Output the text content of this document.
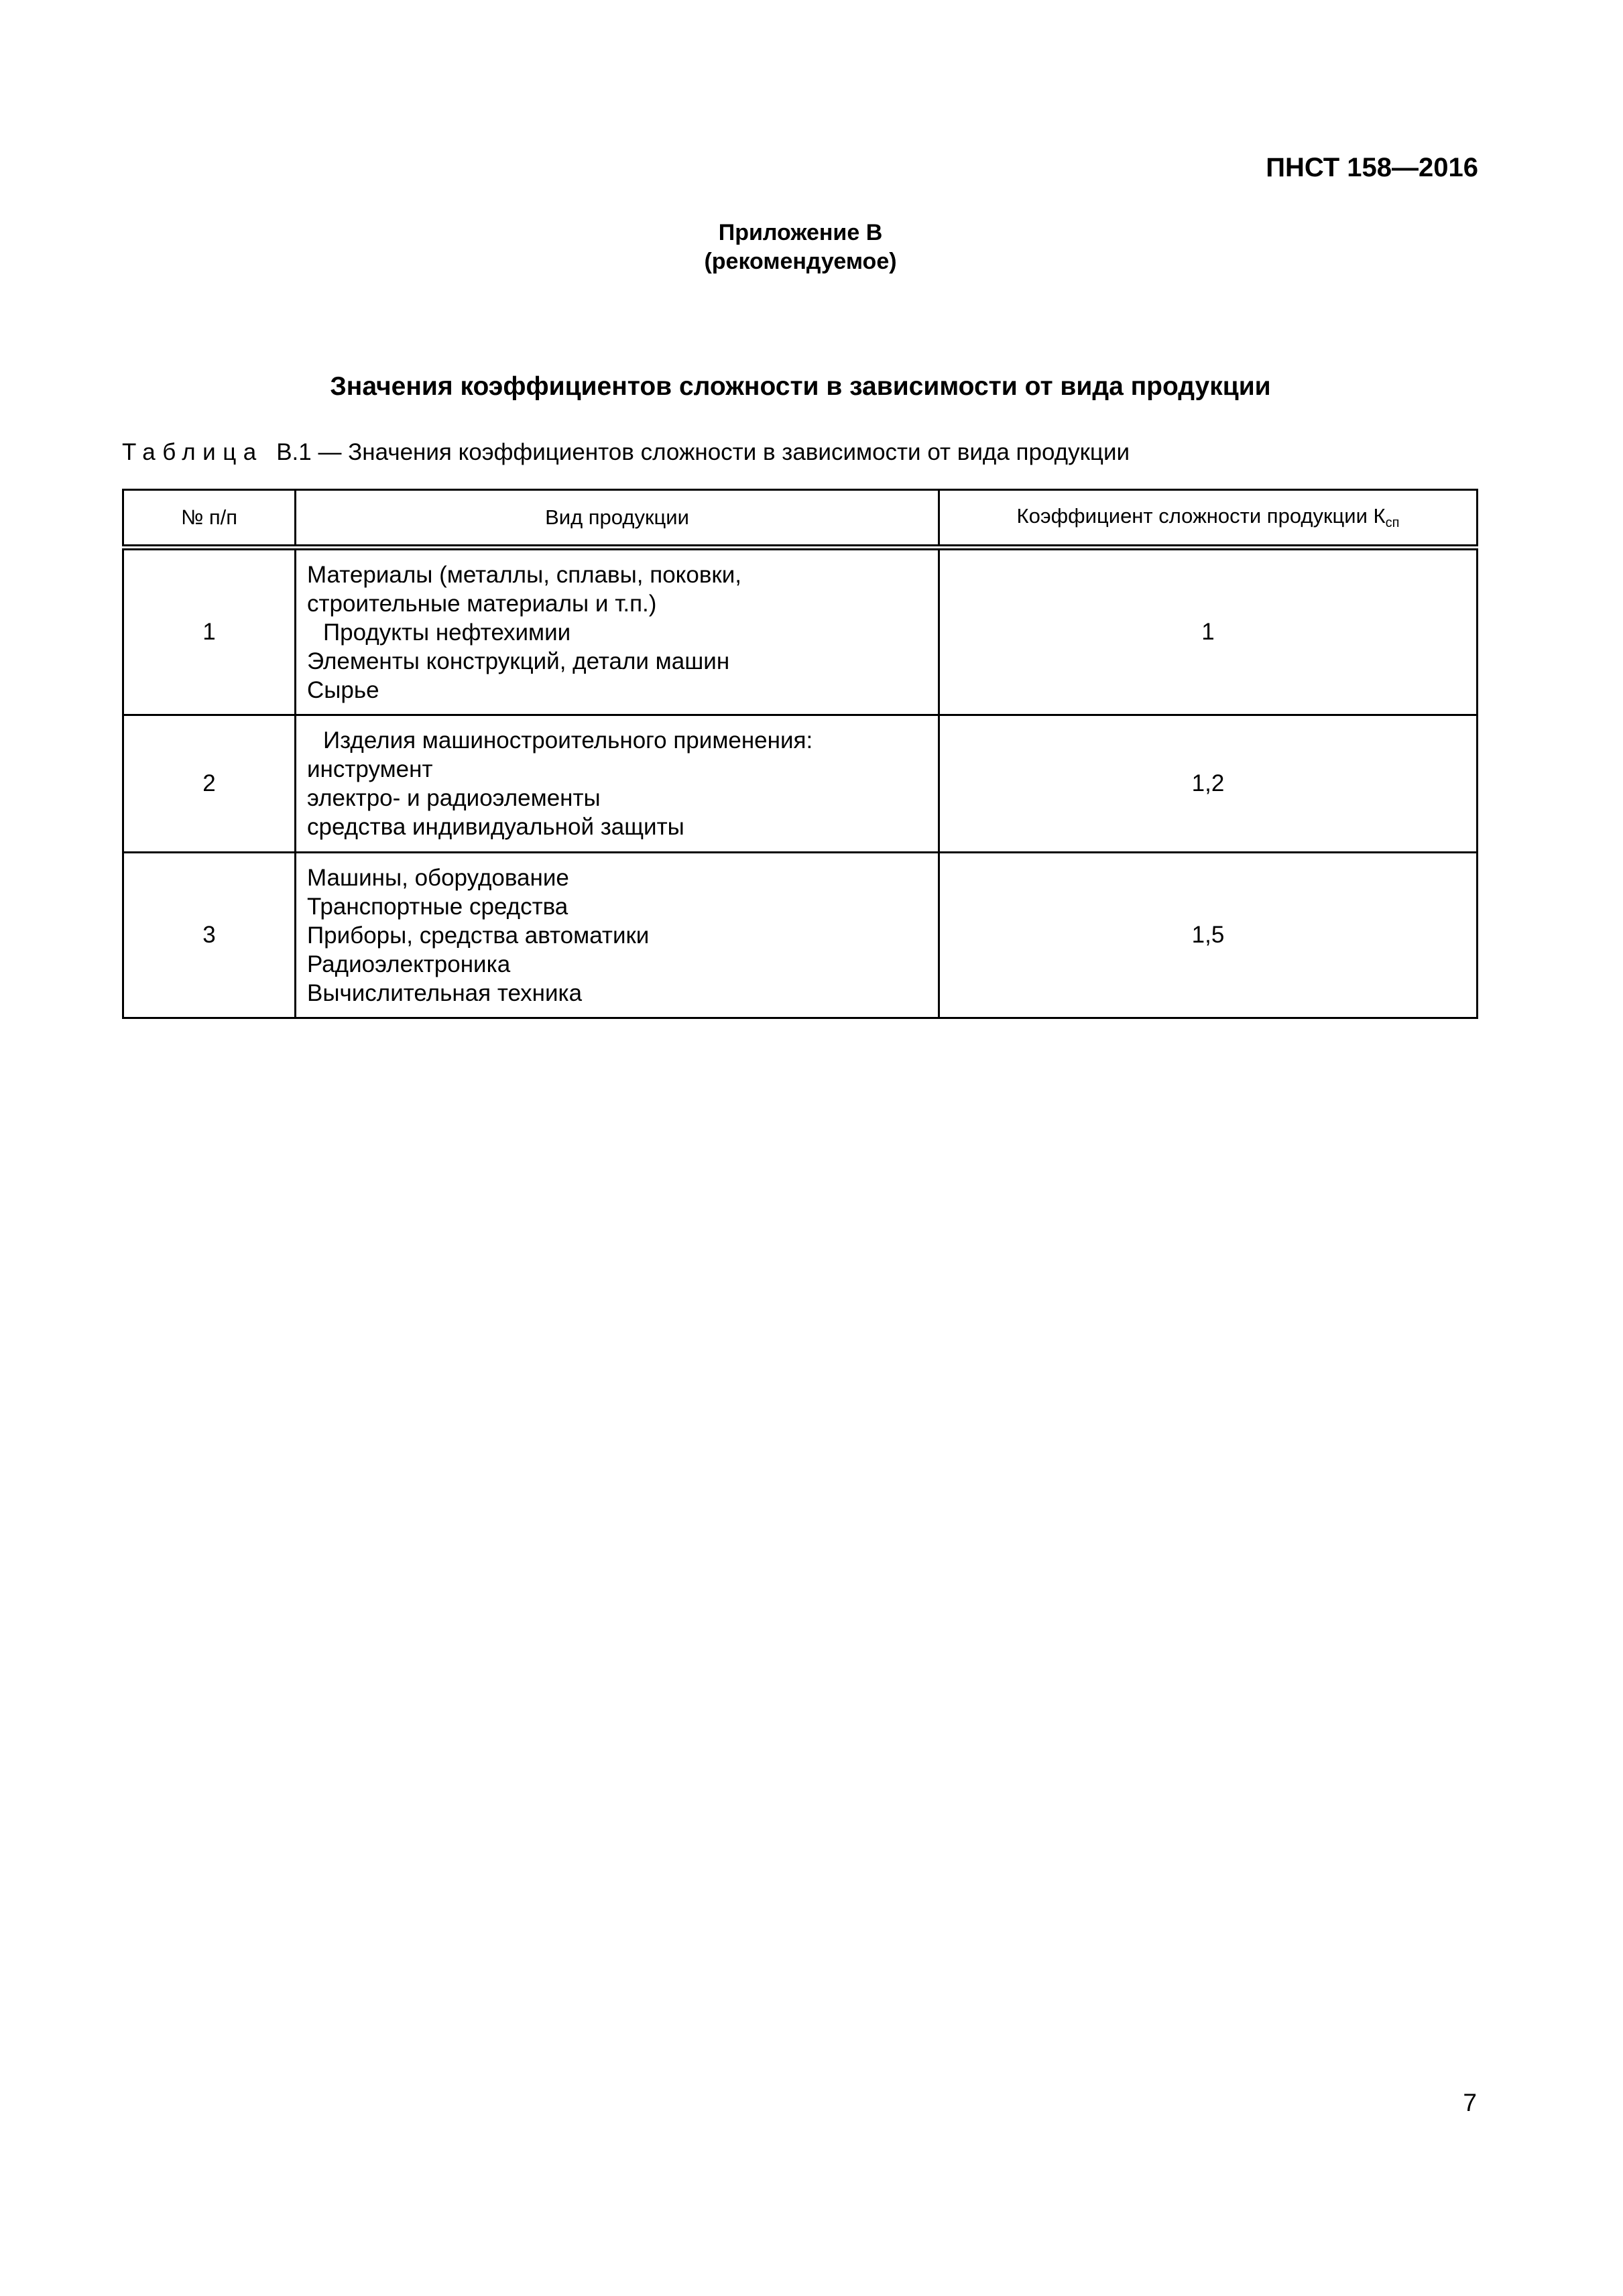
ПНСТ 158—2016
Приложение В
(рекомендуемое)
Значения коэффициентов сложности в зависимости от вида продукции
Таблица В.1 — Значения коэффициентов сложности в зависимости от вида продукции
№ п/п	Вид продукции	Коэффициент сложности продукции $К_{сп}$
1	Материалы (металлы, сплавы, поковки,
строительные материалы и т.п.)
Продукты нефтехимии
Элементы конструкций, детали машин
Сырье	1
2	Изделия машиностроительного применения:
инструмент
электро- и радиоэлементы
средства индивидуальной защиты	1,2
3	Машины, оборудование
Транспортные средства
Приборы, средства автоматики
Радиоэлектроника
Вычислительная техника	1,5
7
